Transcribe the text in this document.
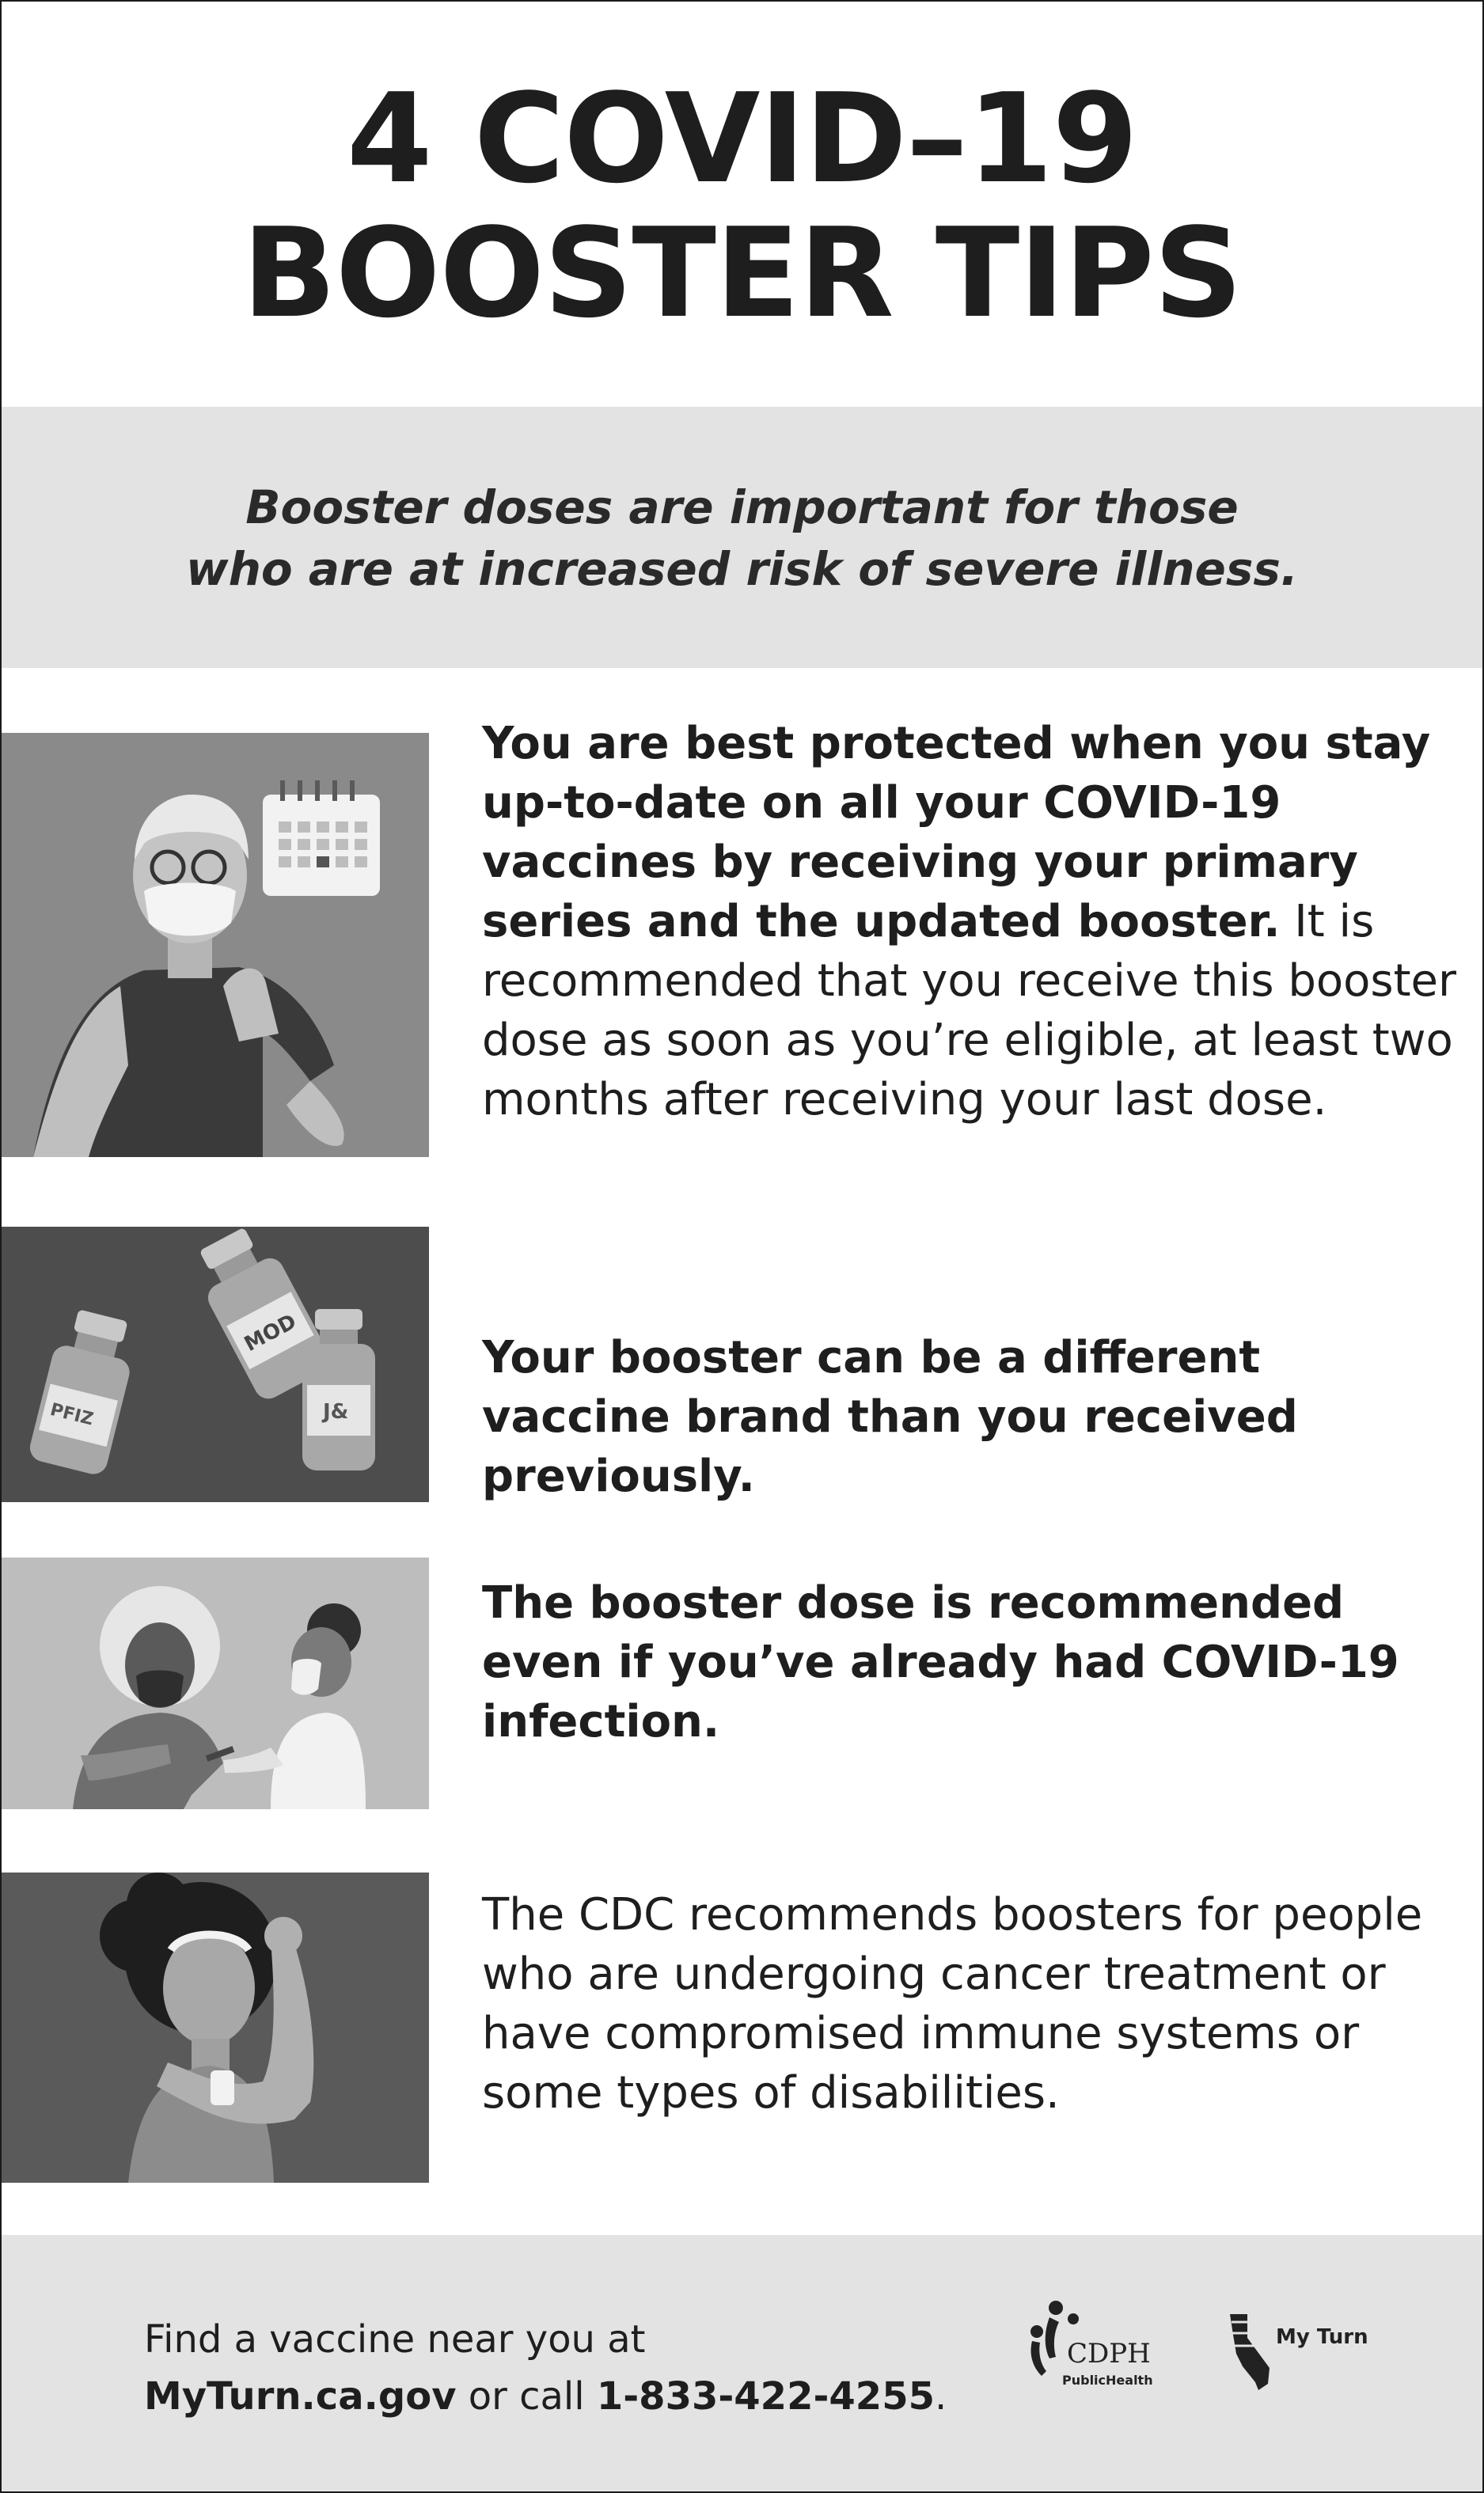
4 COVID–19
BOOSTER TIPS
Booster doses are important for those
who are at increased risk of severe illness.
You are best protected when you stay up-to-date on all your COVID-19 vaccines by receiving your primary series and the updated booster. It is recommended that you receive this booster dose as soon as you’re eligible, at least two months after receiving your last dose.
PFIZ
MOD
J&
Your booster can be a different vaccine brand than you received previously.
The booster dose is recommended even if you’ve already had COVID-19 infection.
The CDC recommends boosters for people who are undergoing cancer treatment or have compromised immune systems or some types of disabilities.
Find a vaccine near you at
MyTurn.ca.gov or call 1-833-422-4255.
CDPH
PublicHealth
My Turn
